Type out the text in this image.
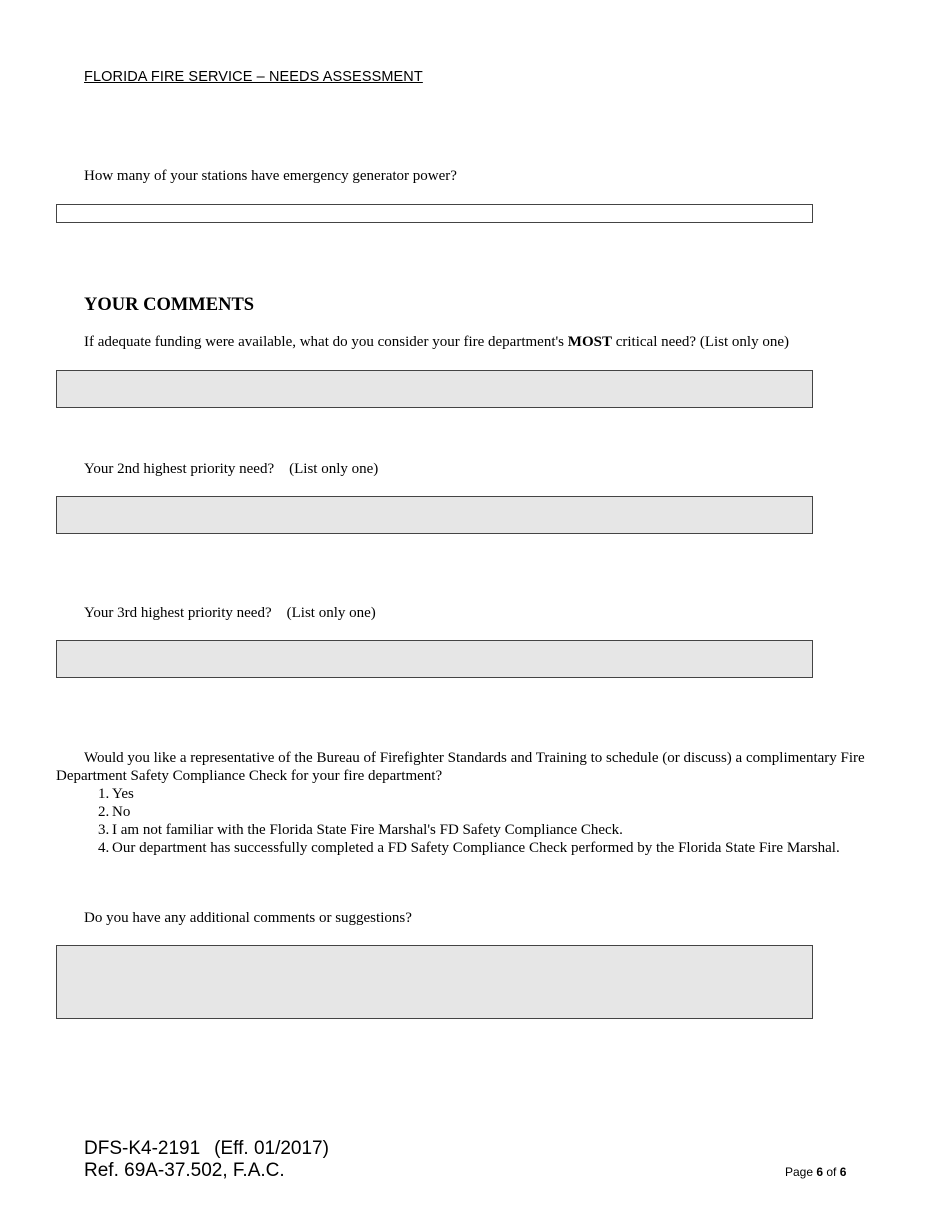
FLORIDA FIRE SERVICE – NEEDS ASSESSMENT
How many of your stations have emergency generator power?
YOUR COMMENTS
If adequate funding were available, what do you consider your fire department's MOST critical need? (List only one)
Your 2nd highest priority need?    (List only one)
Your 3rd highest priority need?    (List only one)
Would you like a representative of the Bureau of Firefighter Standards and Training to schedule (or discuss) a complimentary Fire Department Safety Compliance Check for your fire department?
1. Yes
2. No
3. I am not familiar with the Florida State Fire Marshal's FD Safety Compliance Check.
4. Our department has successfully completed a FD Safety Compliance Check performed by the Florida State Fire Marshal.
Do you have any additional comments or suggestions?
DFS-K4-2191 (Eff. 01/2017)
Ref. 69A-37.502, F.A.C.	Page 6 of 6
